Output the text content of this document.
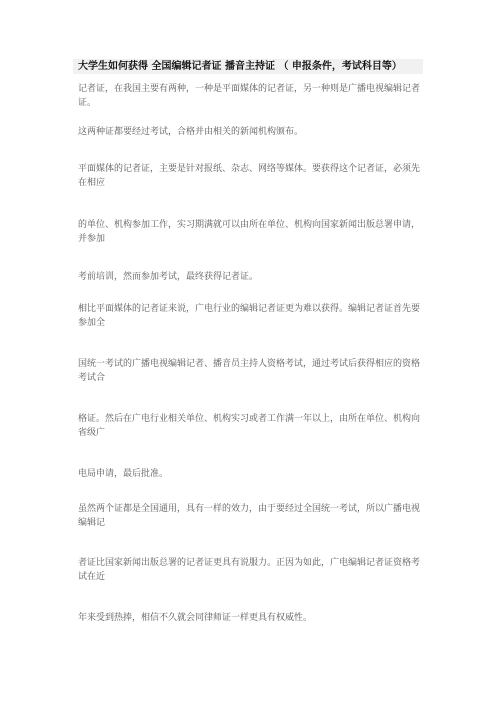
大学生如何获得 全国编辑记者证 播音主持证 （ 申报条件，考试科目等）

记者证，在我国主要有两种，一种是平面媒体的记者证，另一种则是广播电视编辑记者证。

这两种证都要经过考试，合格并由相关的新闻机构颁布。

平面媒体的记者证，主要是针对报纸、杂志、网络等媒体。要获得这个记者证，必须先在相应

的单位、机构参加工作，实习期满就可以由所在单位、机构向国家新闻出版总署申请，并参加

考前培训，然而参加考试，最终获得记者证。

相比平面媒体的记者证来说，广电行业的编辑记者证更为难以获得。编辑记者证首先要参加全

国统一考试的广播电视编辑记者、播音员主持人资格考试，通过考试后获得相应的资格考试合

格证。然后在广电行业相关单位、机构实习或者工作满一年以上，由所在单位、机构向省级广

电局申请，最后批准。

虽然两个证都是全国通用，具有一样的效力，由于要经过全国统一考试，所以广播电视编辑记

者证比国家新闻出版总署的记者证更具有说服力。正因为如此，广电编辑记者证资格考试在近

年来受到热捧，相信不久就会同律师证一样更具有权威性。
